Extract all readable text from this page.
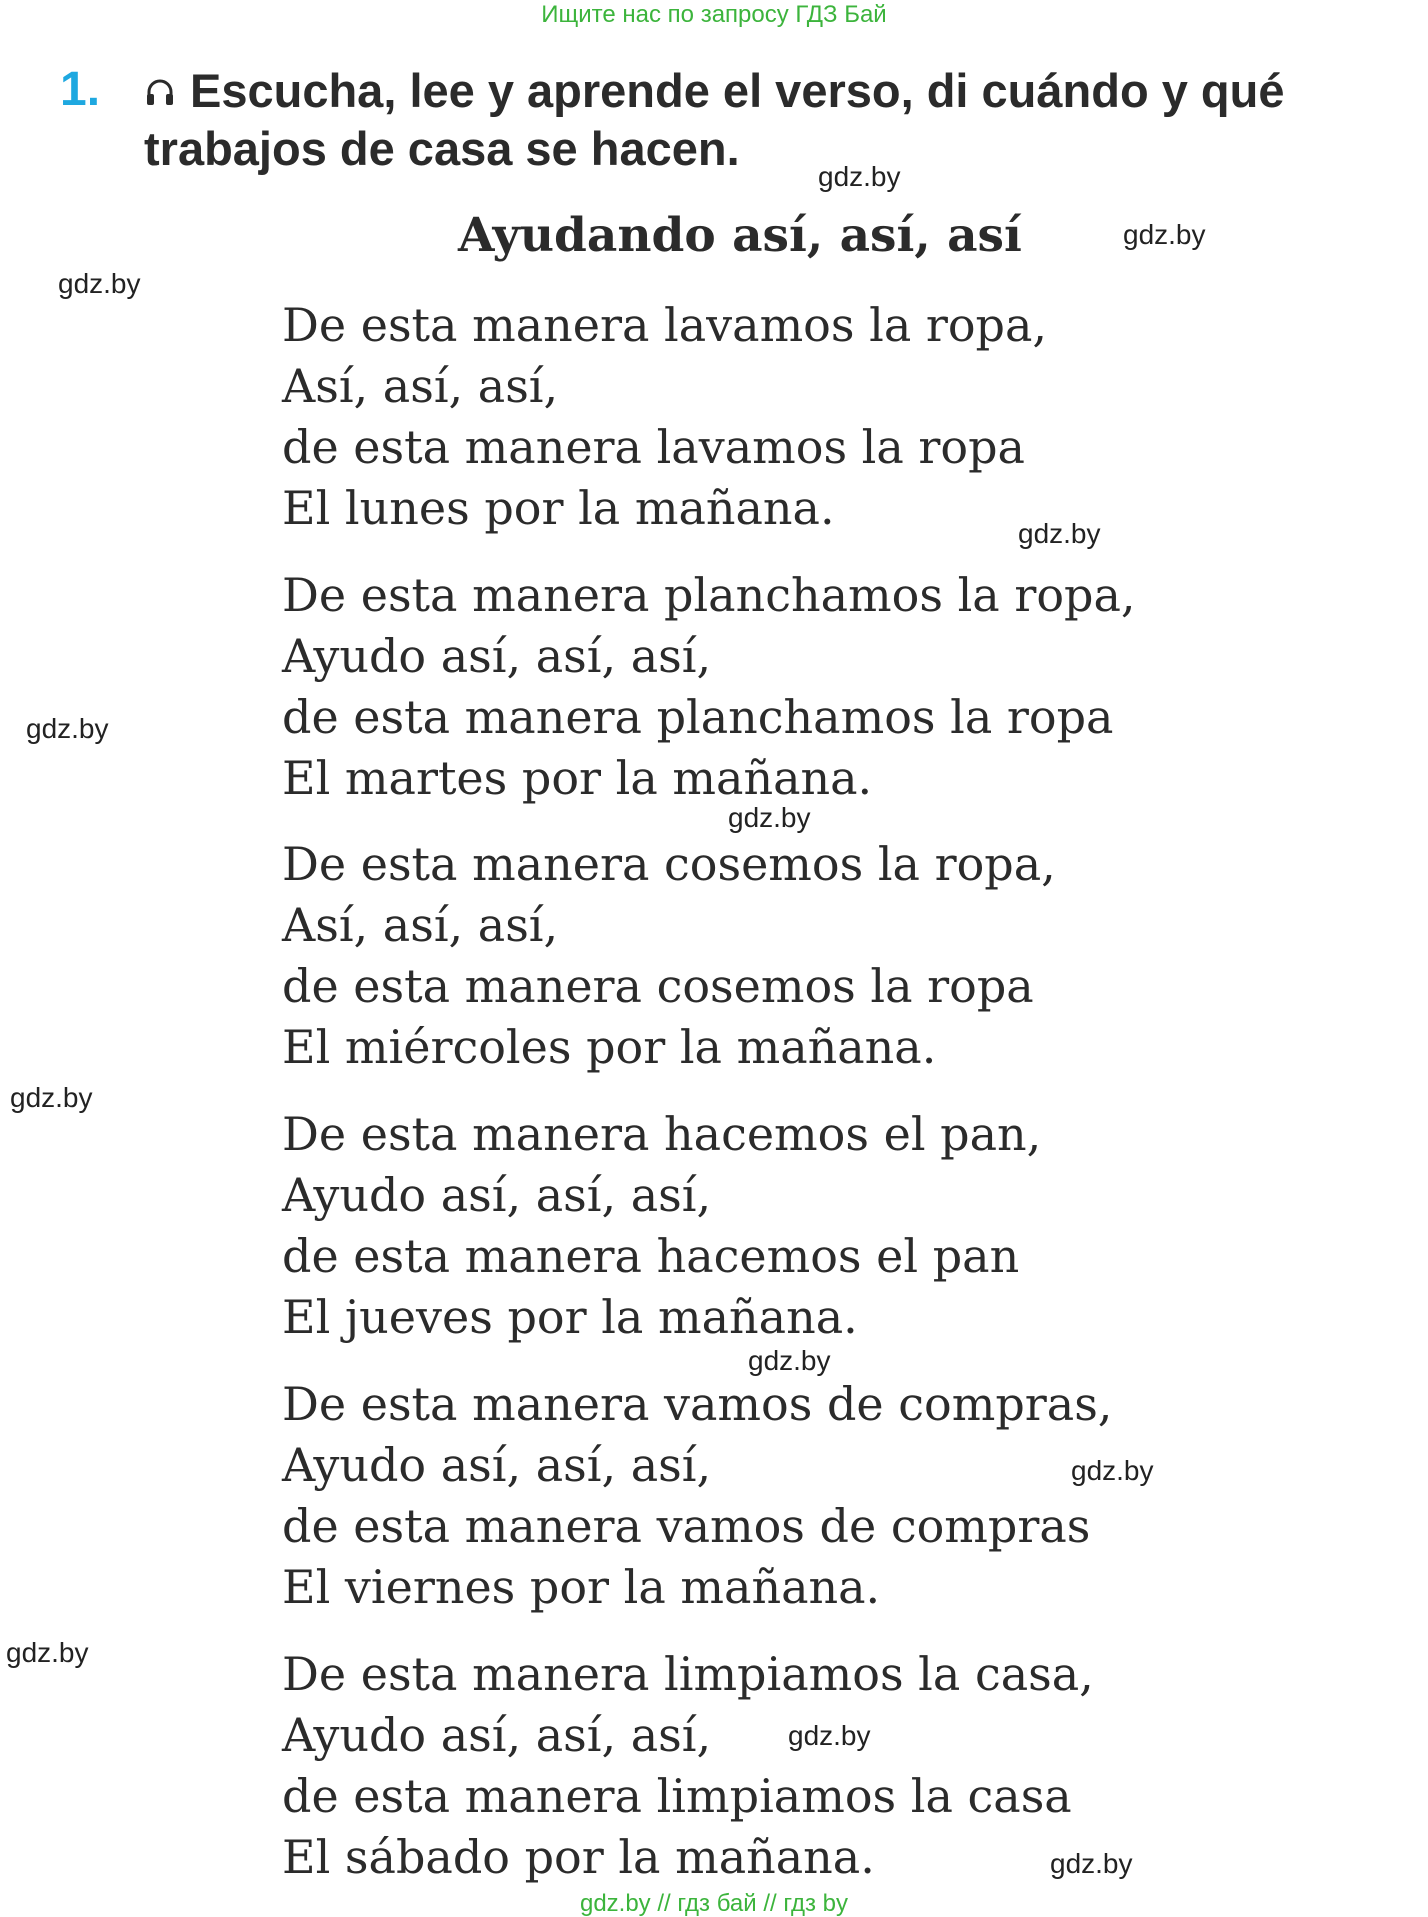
Ищите нас по запросу ГДЗ Бай
1.	Escucha, lee y aprende el verso, di cuándo y qué
trabajos de casa se hacen.
Ayudando así, así, así
De esta manera lavamos la ropa,
Así, así, así,
de esta manera lavamos la ropa
El lunes por la mañana.
De esta manera planchamos la ropa,
Ayudo así, así, así,
de esta manera planchamos la ropa
El martes por la mañana.
De esta manera cosemos la ropa,
Así, así, así,
de esta manera cosemos la ropa
El miércoles por la mañana.
De esta manera hacemos el pan,
Ayudo así, así, así,
de esta manera hacemos el pan
El jueves por la mañana.
De esta manera vamos de compras,
Ayudo así, así, así,
de esta manera vamos de compras
El viernes por la mañana.
De esta manera limpiamos la casa,
Ayudo así, así, así,
de esta manera limpiamos la casa
El sábado por la mañana.
gdz.by
gdz.by
gdz.by
gdz.by
gdz.by
gdz.by
gdz.by
gdz.by
gdz.by
gdz.by
gdz.by
gdz.by
gdz.by // гдз бай // гдз by
